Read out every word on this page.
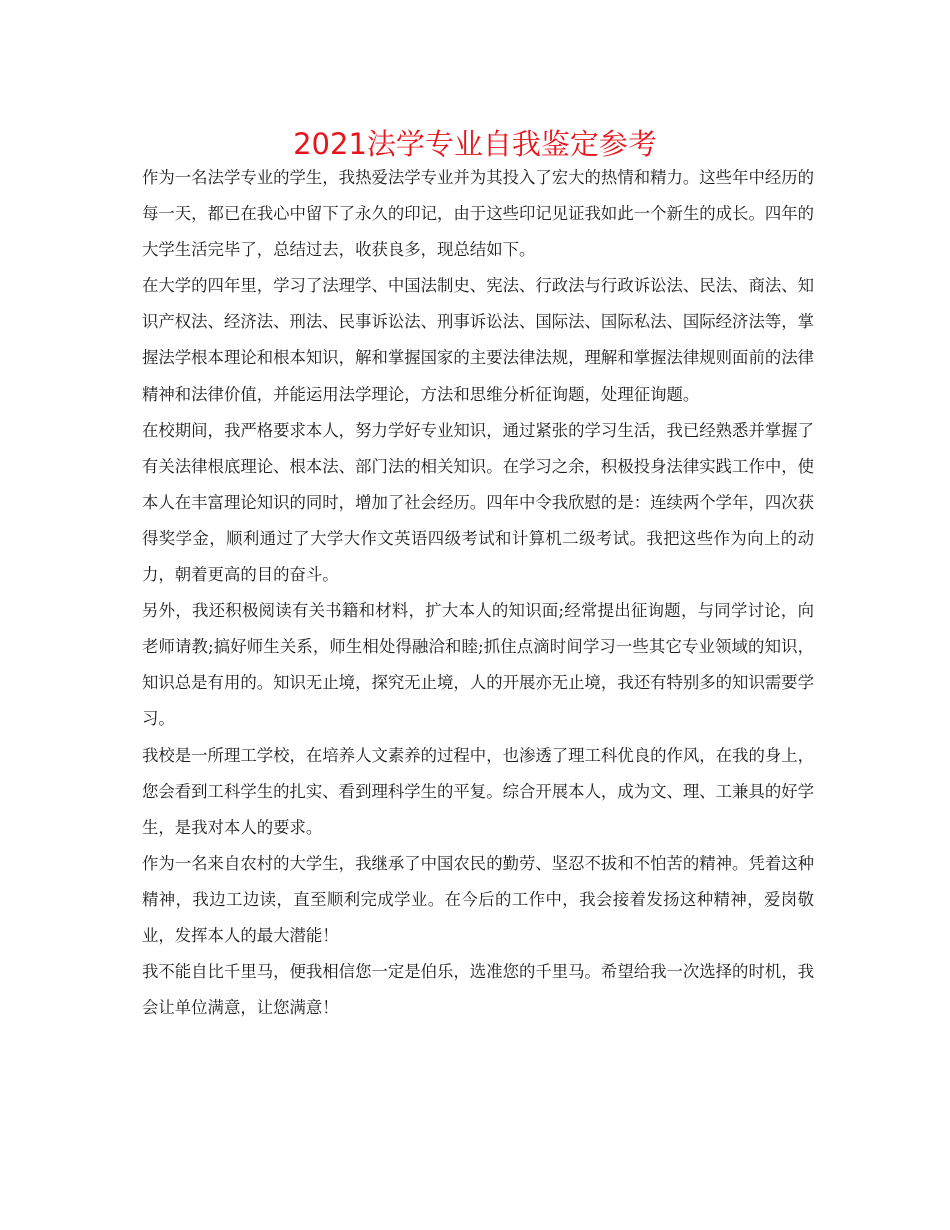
2021法学专业自我鉴定参考

作为一名法学专业的学生，我热爱法学专业并为其投入了宏大的热情和精力。这些年中经历的每一天，都已在我心中留下了永久的印记，由于这些印记见证我如此一个新生的成长。四年的大学生活完毕了，总结过去，收获良多，现总结如下。

在大学的四年里，学习了法理学、中国法制史、宪法、行政法与行政诉讼法、民法、商法、知识产权法、经济法、刑法、民事诉讼法、刑事诉讼法、国际法、国际私法、国际经济法等，掌握法学根本理论和根本知识，解和掌握国家的主要法律法规，理解和掌握法律规则面前的法律精神和法律价值，并能运用法学理论，方法和思维分析征询题，处理征询题。

在校期间，我严格要求本人，努力学好专业知识，通过紧张的学习生活，我已经熟悉并掌握了有关法律根底理论、根本法、部门法的相关知识。在学习之余，积极投身法律实践工作中，使本人在丰富理论知识的同时，增加了社会经历。四年中令我欣慰的是：连续两个学年，四次获得奖学金，顺利通过了大学大作文英语四级考试和计算机二级考试。我把这些作为向上的动力，朝着更高的目的奋斗。

另外，我还积极阅读有关书籍和材料，扩大本人的知识面;经常提出征询题，与同学讨论，向老师请教;搞好师生关系，师生相处得融洽和睦;抓住点滴时间学习一些其它专业领域的知识，知识总是有用的。知识无止境，探究无止境，人的开展亦无止境，我还有特别多的知识需要学习。

我校是一所理工学校，在培养人文素养的过程中，也渗透了理工科优良的作风，在我的身上，您会看到工科学生的扎实、看到理科学生的平复。综合开展本人，成为文、理、工兼具的好学生，是我对本人的要求。

作为一名来自农村的大学生，我继承了中国农民的勤劳、坚忍不拔和不怕苦的精神。凭着这种精神，我边工边读，直至顺利完成学业。在今后的工作中，我会接着发扬这种精神，爱岗敬业，发挥本人的最大潜能！

我不能自比千里马，便我相信您一定是伯乐，选准您的千里马。希望给我一次选择的时机，我会让单位满意，让您满意！
